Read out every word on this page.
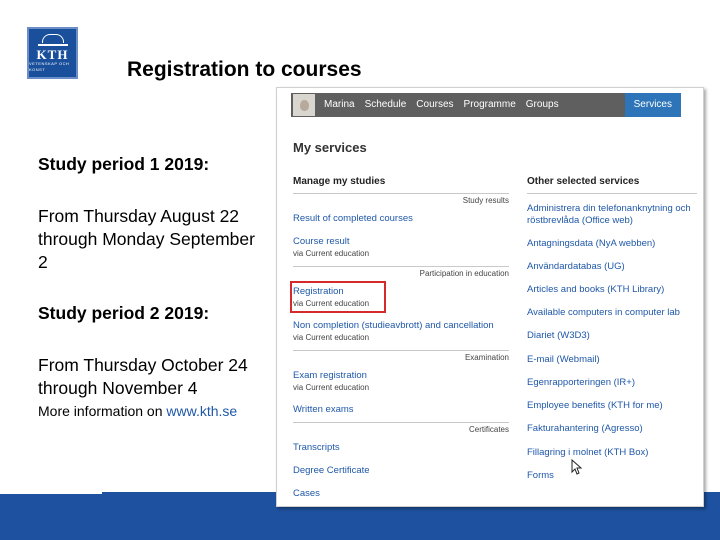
KTH
VETENSKAP OCH KONST	Registration to courses
Study period 1 2019:
From Thursday August 22 through Monday September 2
Study period 2 2019:
From Thursday October 24 through November 4
More information on www.kth.se
Marina	Schedule	Courses	Programme	Groups	Services
My services
Manage my studies	Other selected services
Study results
Result of completed courses
Course result
via Current education
Participation in education
Registration
via Current education
Non completion (studieavbrott) and cancellation
via Current education
Examination
Exam registration
via Current education
Written exams
Certificates
Transcripts
Degree Certificate
Cases
Administrera din telefonanknytning och
röstbrevlåda (Office web)
Antagningsdata (NyA webben)
Användardatabas (UG)
Articles and books (KTH Library)
Available computers in computer lab
Diariet (W3D3)
E-mail (Webmail)
Egenrapporteringen (IR+)
Employee benefits (KTH for me)
Fakturahantering (Agresso)
Fillagring i molnet (KTH Box)
Forms
